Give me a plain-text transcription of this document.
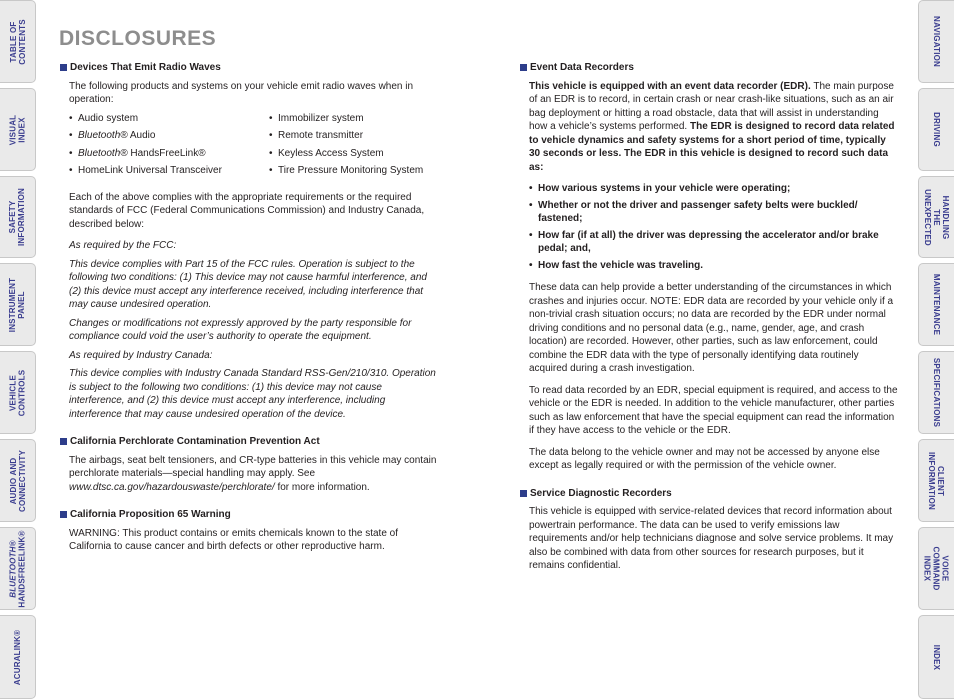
TABLE OF
CONTENTS
VISUAL INDEX
SAFETY
INFORMATION
INSTRUMENT
PANEL
VEHICLE
CONTROLS
AUDIO AND
CONNECTIVITY
BLUETOOTH®
HANDSFREELINK®
ACURALINK®
NAVIGATION
DRIVING
HANDLING THE
UNEXPECTED
MAINTENANCE
SPECIFICATIONS
CLIENT
INFORMATION
VOICE COMMAND
INDEX
INDEX
DISCLOSURES
Devices That Emit Radio Waves

The following products and systems on your vehicle emit radio waves when in operation:

• Audio system	• Immobilizer system
• Bluetooth® Audio	• Remote transmitter
• Bluetooth® HandsFreeLink®	• Keyless Access System
• HomeLink Universal Transceiver	• Tire Pressure Monitoring System

Each of the above complies with the appropriate requirements or the required standards of FCC (Federal Communications Commission) and Industry Canada, described below:

As required by the FCC:

This device complies with Part 15 of the FCC rules. Operation is subject to the following two conditions: (1) This device may not cause harmful interference, and (2) this device must accept any interference received, including interference that may cause undesired operation.

Changes or modifications not expressly approved by the party responsible for compliance could void the user’s authority to operate the equipment.

As required by Industry Canada:

This device complies with Industry Canada Standard RSS-Gen/210/310. Operation is subject to the following two conditions: (1) this device may not cause interference, and (2) this device must accept any interference, including interference that may cause undesired operation of the device.

California Perchlorate Contamination Prevention Act

The airbags, seat belt tensioners, and CR-type batteries in this vehicle may contain perchlorate materials—special handling may apply. See www.dtsc.ca.gov/hazardouswaste/perchlorate/ for more information.

California Proposition 65 Warning

WARNING: This product contains or emits chemicals known to the state of California to cause cancer and birth defects or other reproductive harm.

Event Data Recorders

This vehicle is equipped with an event data recorder (EDR). The main purpose of an EDR is to record, in certain crash or near crash-like situations, such as an air bag deployment or hitting a road obstacle, data that will assist in understanding how a vehicle’s systems performed. The EDR is designed to record data related to vehicle dynamics and safety systems for a short period of time, typically 30 seconds or less. The EDR in this vehicle is designed to record such data as:

• How various systems in your vehicle were operating;
• Whether or not the driver and passenger safety belts were buckled/ fastened;
• How far (if at all) the driver was depressing the accelerator and/or brake pedal; and,
• How fast the vehicle was traveling.

These data can help provide a better understanding of the circumstances in which crashes and injuries occur. NOTE: EDR data are recorded by your vehicle only if a non-trivial crash situation occurs; no data are recorded by the EDR under normal driving conditions and no personal data (e.g., name, gender, age, and crash location) are recorded. However, other parties, such as law enforcement, could combine the EDR data with the type of personally identifying data routinely acquired during a crash investigation.

To read data recorded by an EDR, special equipment is required, and access to the vehicle or the EDR is needed. In addition to the vehicle manufacturer, other parties such as law enforcement that have the special equipment can read the information if they have access to the vehicle or the EDR.

The data belong to the vehicle owner and may not be accessed by anyone else except as legally required or with the permission of the vehicle owner.

Service Diagnostic Recorders

This vehicle is equipped with service-related devices that record information about powertrain performance. The data can be used to verify emissions law requirements and/or help technicians diagnose and solve service problems. It may also be combined with data from other sources for research purposes, but it remains confidential.
